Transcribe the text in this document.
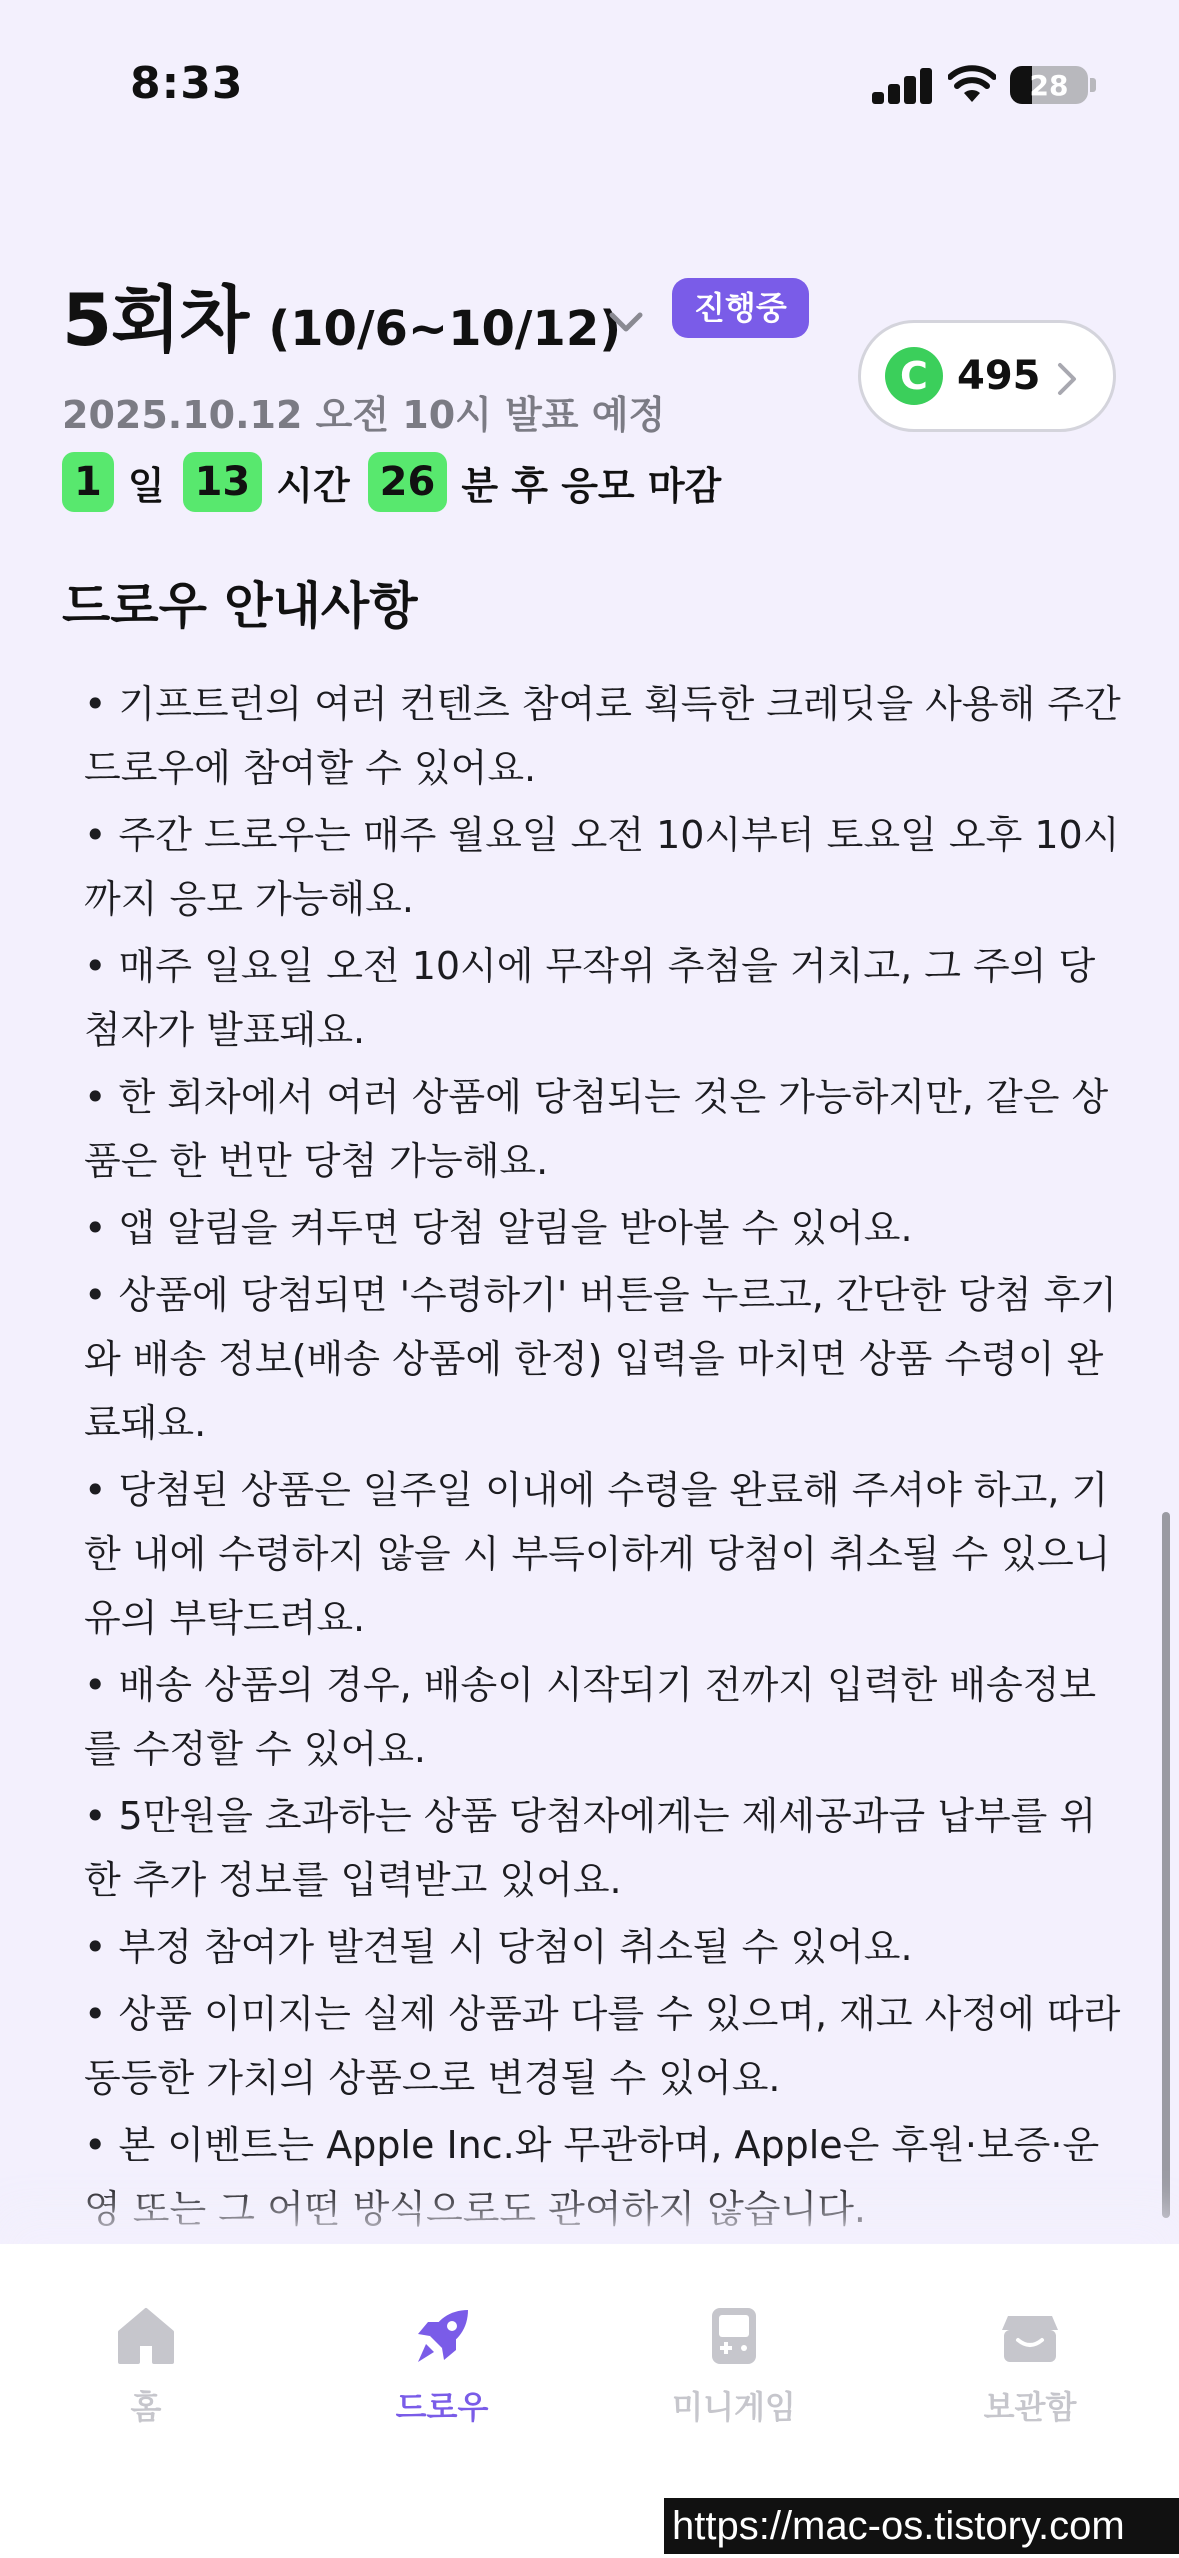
8:33	28
5회차 (10/6~10/12)	진행중
C 495
2025.10.12 오전 10시 발표 예정
1 일 13 시간 26 분 후 응모 마감
드로우 안내사항
• 기프트런의 여러 컨텐츠 참여로 획득한 크레딧을 사용해 주간 드로우에 참여할 수 있어요.
• 주간 드로우는 매주 월요일 오전 10시부터 토요일 오후 10시까지 응모 가능해요.
• 매주 일요일 오전 10시에 무작위 추첨을 거치고, 그 주의 당첨자가 발표돼요.
• 한 회차에서 여러 상품에 당첨되는 것은 가능하지만, 같은 상품은 한 번만 당첨 가능해요.
• 앱 알림을 켜두면 당첨 알림을 받아볼 수 있어요.
• 상품에 당첨되면 '수령하기' 버튼을 누르고, 간단한 당첨 후기와 배송 정보(배송 상품에 한정) 입력을 마치면 상품 수령이 완료돼요.
• 당첨된 상품은 일주일 이내에 수령을 완료해 주셔야 하고, 기한 내에 수령하지 않을 시 부득이하게 당첨이 취소될 수 있으니 유의 부탁드려요.
• 배송 상품의 경우, 배송이 시작되기 전까지 입력한 배송정보를 수정할 수 있어요.
• 5만원을 초과하는 상품 당첨자에게는 제세공과금 납부를 위한 추가 정보를 입력받고 있어요.
• 부정 참여가 발견될 시 당첨이 취소될 수 있어요.
• 상품 이미지는 실제 상품과 다를 수 있으며, 재고 사정에 따라 동등한 가치의 상품으로 변경될 수 있어요.
• 본 이벤트는 Apple Inc.와 무관하며, Apple은 후원·보증·운영 또는 그 어떤 방식으로도 관여하지 않습니다.
홈	드로우	미니게임	보관함
https://mac-os.tistory.com
